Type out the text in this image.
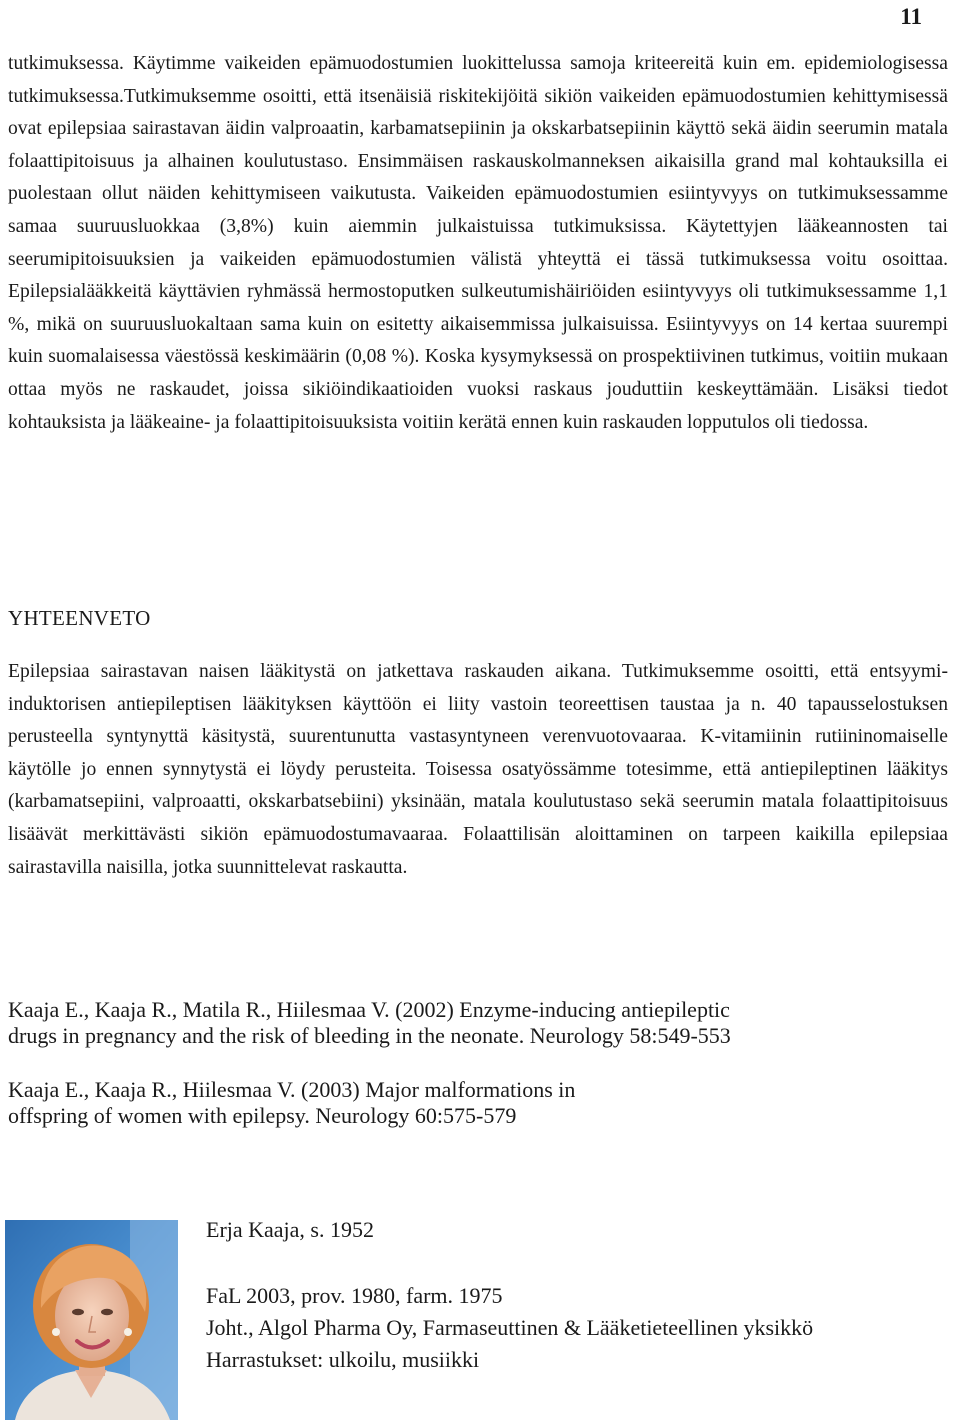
11

tutkimuksessa. Käytimme vaikeiden epämuodostumien luokittelussa samoja kriteereitä kuin em. epidemiologisessa tutkimuksessa.Tutkimuksemme osoitti, että itsenäisiä riskitekijöitä sikiön vaikeiden epämuodostumien kehittymisessä ovat epilepsiaa sairastavan äidin valproaatin, karbamatsepiinin ja okskarbatsepiinin käyttö sekä äidin seerumin matala folaattipitoisuus ja alhainen koulutustaso. Ensimmäisen raskauskolmanneksen aikaisilla grand mal kohtauksilla ei puolestaan ollut näiden kehittymiseen vaikutusta. Vaikeiden epämuodostumien esiintyvyys on tutkimuksessamme samaa suuruusluokkaa (3,8%) kuin aiemmin julkaistuissa tutkimuksissa. Käytettyjen lääkeannosten tai seerumipitoisuuksien ja vaikeiden epämuodostumien välistä yhteyttä ei tässä tutkimuksessa voitu osoittaa. Epilepsialääkkeitä käyttävien ryhmässä hermostoputken sulkeutumishäiriöiden esiintyvyys oli tutkimuksessamme 1,1 %, mikä on suuruusluokaltaan sama kuin on esitetty aikaisemmissa julkaisuissa. Esiintyvyys on 14 kertaa suurempi kuin suomalaisessa väestössä keskimäärin (0,08 %). Koska kysymyksessä on prospektiivinen tutkimus, voitiin mukaan ottaa myös ne raskaudet, joissa sikiöindikaatioiden vuoksi raskaus jouduttiin keskeyttämään. Lisäksi tiedot kohtauksista ja lääkeaine- ja folaattipitoisuuksista voitiin kerätä ennen kuin raskauden lopputulos oli tiedossa.

YHTEENVETO

Epilepsiaa sairastavan naisen lääkitystä on jatkettava raskauden aikana. Tutkimuksemme osoitti, että entsyymi-induktorisen antiepileptisen lääkityksen käyttöön ei liity vastoin teoreettisen taustaa ja n. 40 tapausselostuksen perusteella syntynyttä käsitystä, suurentunutta vastasyntyneen verenvuotovaaraa. K-vitamiinin rutiininomaiselle käytölle jo ennen synnytystä ei löydy perusteita. Toisessa osatyössämme totesimme, että antiepileptinen lääkitys (karbamatsepiini, valproaatti, okskarbatsebiini) yksinään, matala koulutustaso sekä seerumin matala folaattipitoisuus lisäävät merkittävästi sikiön epämuodostumavaaraa. Folaattilisän aloittaminen on tarpeen kaikilla epilepsiaa sairastavilla naisilla, jotka suunnittelevat raskautta.

Kaaja E., Kaaja R., Matila R., Hiilesmaa V. (2002) Enzyme-inducing antiepileptic
drugs in pregnancy and the risk of bleeding in the neonate. Neurology 58:549-553
Kaaja E., Kaaja R., Hiilesmaa V. (2003) Major malformations in
offspring of women with epilepsy. Neurology 60:575-579

Erja Kaaja, s. 1952

FaL 2003, prov. 1980, farm. 1975
Joht., Algol Pharma Oy, Farmaseuttinen & Lääketieteellinen yksikkö
Harrastukset: ulkoilu, musiikki
